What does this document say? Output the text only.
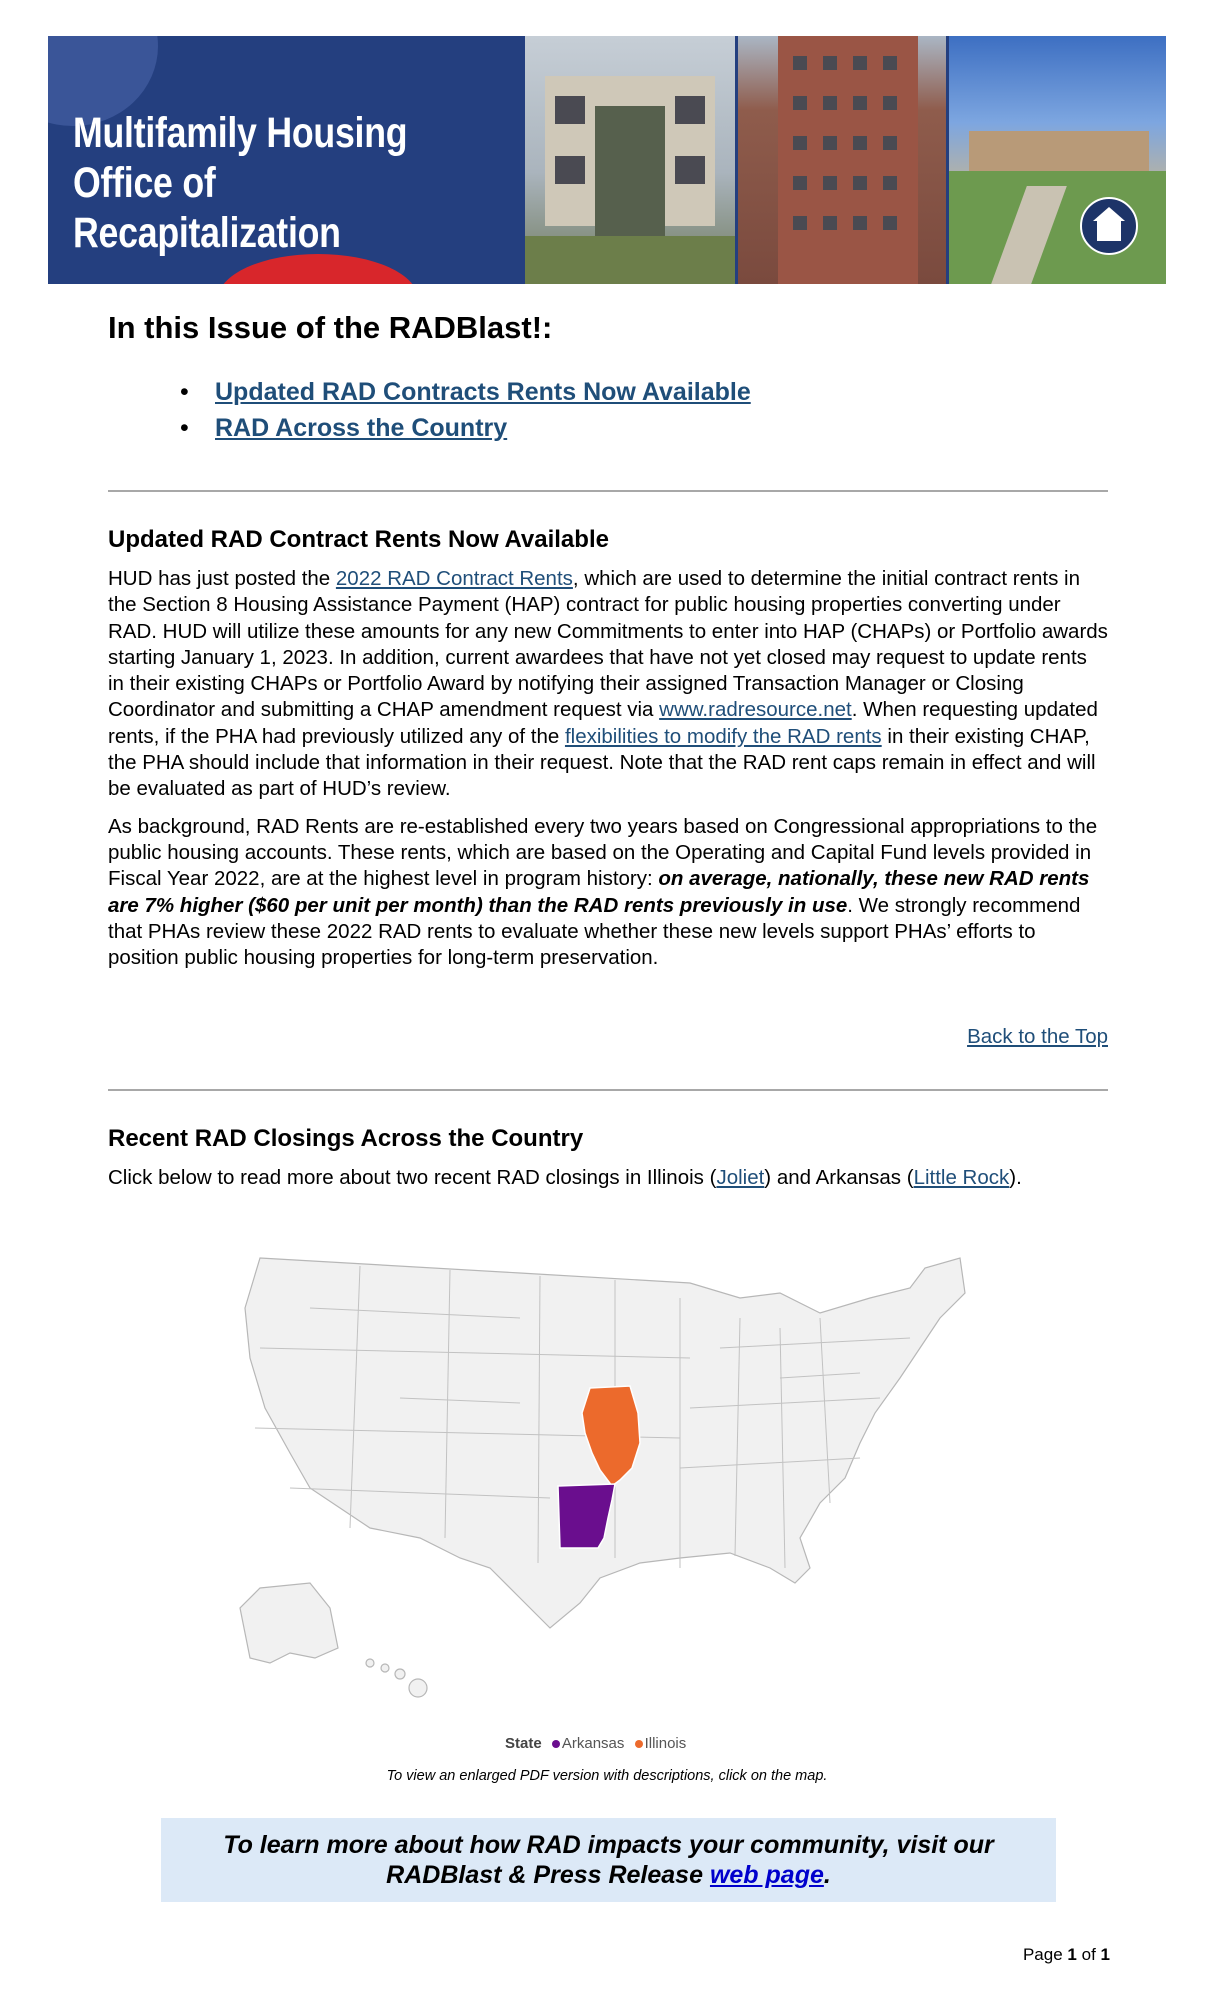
Multifamily Housing
Office of Recapitalization
In this Issue of the RADBlast!:
• Updated RAD Contracts Rents Now Available
• RAD Across the Country
Updated RAD Contract Rents Now Available

HUD has just posted the 2022 RAD Contract Rents, which are used to determine the initial contract rents in the Section 8 Housing Assistance Payment (HAP) contract for public housing properties converting under RAD. HUD will utilize these amounts for any new Commitments to enter into HAP (CHAPs) or Portfolio awards starting January 1, 2023. In addition, current awardees that have not yet closed may request to update rents in their existing CHAPs or Portfolio Award by notifying their assigned Transaction Manager or Closing Coordinator and submitting a CHAP amendment request via www.radresource.net. When requesting updated rents, if the PHA had previously utilized any of the flexibilities to modify the RAD rents in their existing CHAP, the PHA should include that information in their request. Note that the RAD rent caps remain in effect and will be evaluated as part of HUD’s review.

As background, RAD Rents are re-established every two years based on Congressional appropriations to the public housing accounts. These rents, which are based on the Operating and Capital Fund levels provided in Fiscal Year 2022, are at the highest level in program history: on average, nationally, these new RAD rents are 7% higher ($60 per unit per month) than the RAD rents previously in use. We strongly recommend that PHAs review these 2022 RAD rents to evaluate whether these new levels support PHAs’ efforts to position public housing properties for long-term preservation.

Back to the Top
Recent RAD Closings Across the Country

Click below to read more about two recent RAD closings in Illinois (Joliet) and Arkansas (Little Rock).

State Arkansas Illinois
To view an enlarged PDF version with descriptions, click on the map.
To learn more about how RAD impacts your community, visit our
RADBlast & Press Release web page.
Page 1 of 1
